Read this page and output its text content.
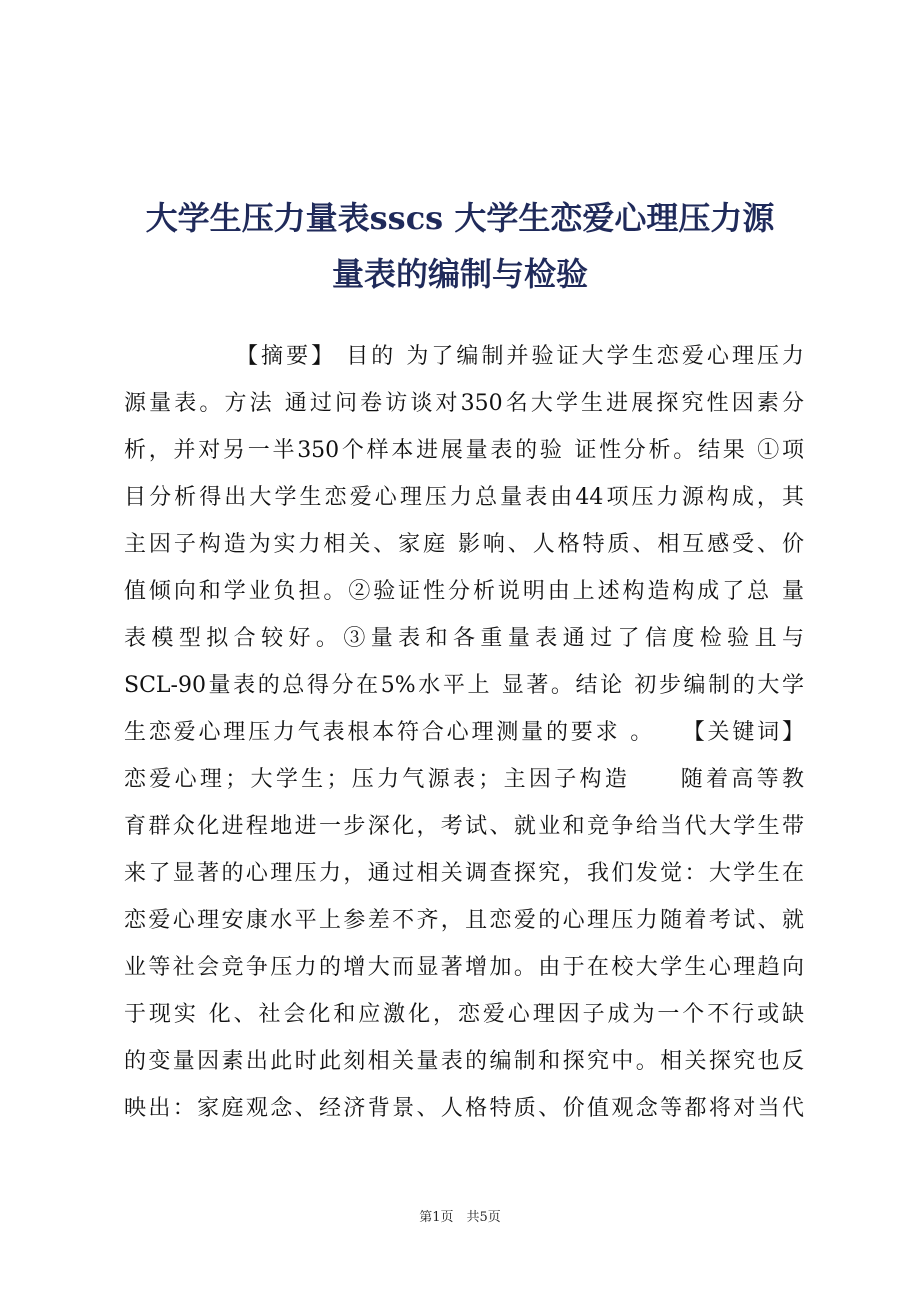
大学生压力量表sscs 大学生恋爱心理压力源
量表的编制与检验
【摘要】 目的 为了编制并验证大学生恋爱心理压力
源量表。方法 通过问卷访谈对350名大学生进展探究性因素分
析，并对另一半350个样本进展量表的验 证性分析。结果 ①项
目分析得出大学生恋爱心理压力总量表由44项压力源构成，其
主因子构造为实力相关、家庭 影响、人格特质、相互感受、价
值倾向和学业负担。②验证性分析说明由上述构造构成了总 量
表模型拟合较好。③量表和各重量表通过了信度检验且与
SCL-90量表的总得分在5%水平上 显著。结论 初步编制的大学
生恋爱心理压力气表根本符合心理测量的要求 。　　【关键词】
恋爱心理；大学生；压力气源表；主因子构造　　随着高等教
育群众化进程地进一步深化，考试、就业和竞争给当代大学生带
来了显著的心理压力，通过相关调查探究，我们发觉：大学生在
恋爱心理安康水平上参差不齐，且恋爱的心理压力随着考试、就
业等社会竞争压力的增大而显著增加。由于在校大学生心理趋向
于现实 化、社会化和应激化，恋爱心理因子成为一个不行或缺
的变量因素出此时此刻相关量表的编制和探究中。相关探究也反
映出：家庭观念、经济背景、人格特质、价值观念等都将对当代
第1页　共5页
